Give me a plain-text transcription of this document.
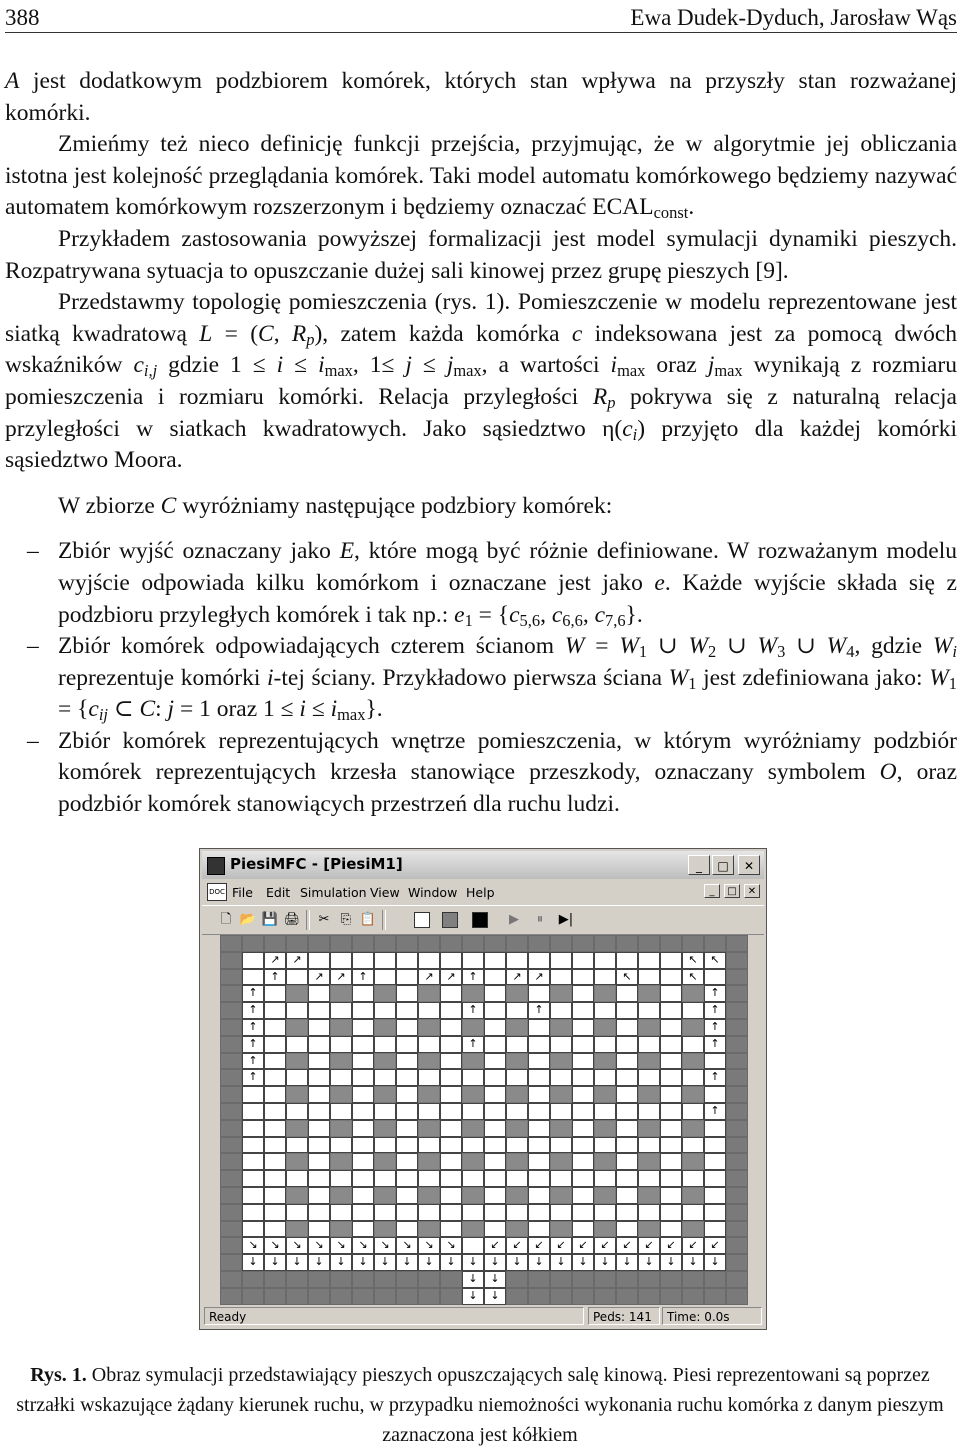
388	Ewa Dudek-Dyduch, Jarosław Wąs

A jest dodatkowym podzbiorem komórek, których stan wpływa na przyszły stan rozważanej komórki.

Zmieńmy też nieco definicję funkcji przejścia, przyjmując, że w algorytmie jej obliczania istotna jest kolejność przeglądania komórek. Taki model automatu komórkowego będziemy nazywać automatem komórkowym rozszerzonym i będziemy oznaczać $ECAL_{const}$.

Przykładem zastosowania powyższej formalizacji jest model symulacji dynamiki pieszych. Rozpatrywana sytuacja to opuszczanie dużej sali kinowej przez grupę pieszych [9].

Przedstawmy topologię pomieszczenia (rys. 1). Pomieszczenie w modelu reprezentowane jest siatką kwadratową L = (C, $R_p$), zatem każda komórka c indeksowana jest za pomocą dwóch wskaźników $c_{i,j}$ gdzie $1 \le i \le i_{max}$, $1\le j \le j_{max}$, a wartości $i_{max}$ oraz $j_{max}$ wynikają z rozmiaru pomieszczenia i rozmiaru komórki. Relacja przyległości $R_p$ pokrywa się z naturalną relacja przyległości w siatkach kwadratowych. Jako sąsiedztwo $\eta(c_i)$ przyjęto dla każdej komórki sąsiedztwo Moora.

W zbiorze C wyróżniamy następujące podzbiory komórek:

– Zbiór wyjść oznaczany jako E, które mogą być różnie definiowane. W rozważanym modelu wyjście odpowiada kilku komórkom i oznaczane jest jako e. Każde wyjście składa się z podzbioru przyległych komórek i tak np.: $e_1 = \{c_{5,6}$, $c_{6,6}$, $c_{7,6}$}.

– Zbiór komórek odpowiadających czterem ścianom $W = W_1$ ∪ $W_2$ ∪ $W_3$ ∪ $W_4$, gdzie $W_i$ reprezentuje komórki i-tej ściany. Przykładowo pierwsza ściana $W_1$ jest zdefiniowana jako: $W_1 = \{c_{ij}$ ⊂ C: j = 1 oraz $1 \le i \le i_{max}$}.

– Zbiór komórek reprezentujących wnętrze pomieszczenia, w którym wyróżniamy podzbiór komórek reprezentujących krzesła stanowiące przeszkody, oznaczany symbolem O, oraz podzbiór komórek stanowiących przestrzeń dla ruchu ludzi.

PiesiMFC - [PiesiM1]	_	□	✕
DOC File Edit Simulation View Window Help	_	□	✕
🗋 📂 💾 🖨	✂ ⎘ 📋	▶	⏸	▶|
↗	↗	↖	↖
↑	↗	↗	↑	↗	↗	↑	↗	↗	↖	↖
↑	↑
↑	↑	↑	↑
↑	↑
↑	↑	↑
↑
↑	↑
↑
↘	↘	↘	↘	↘	↘	↘	↘	↘	↘	↙	↙	↙	↙	↙	↙	↙	↙	↙	↙	↙
↓	↓	↓	↓	↓	↓	↓	↓	↓	↓	↓	↓	↓	↓	↓	↓	↓	↓	↓	↓	↓	↓
↓	↓
↓	↓
Ready	Peds: 141	Time: 0.0s
Rys. 1. Obraz symulacji przedstawiający pieszych opuszczających salę kinową. Piesi reprezentowani są poprzez strzałki wskazujące żądany kierunek ruchu, w przypadku niemożności wykonania ruchu komórka z danym pieszym zaznaczona jest kółkiem
